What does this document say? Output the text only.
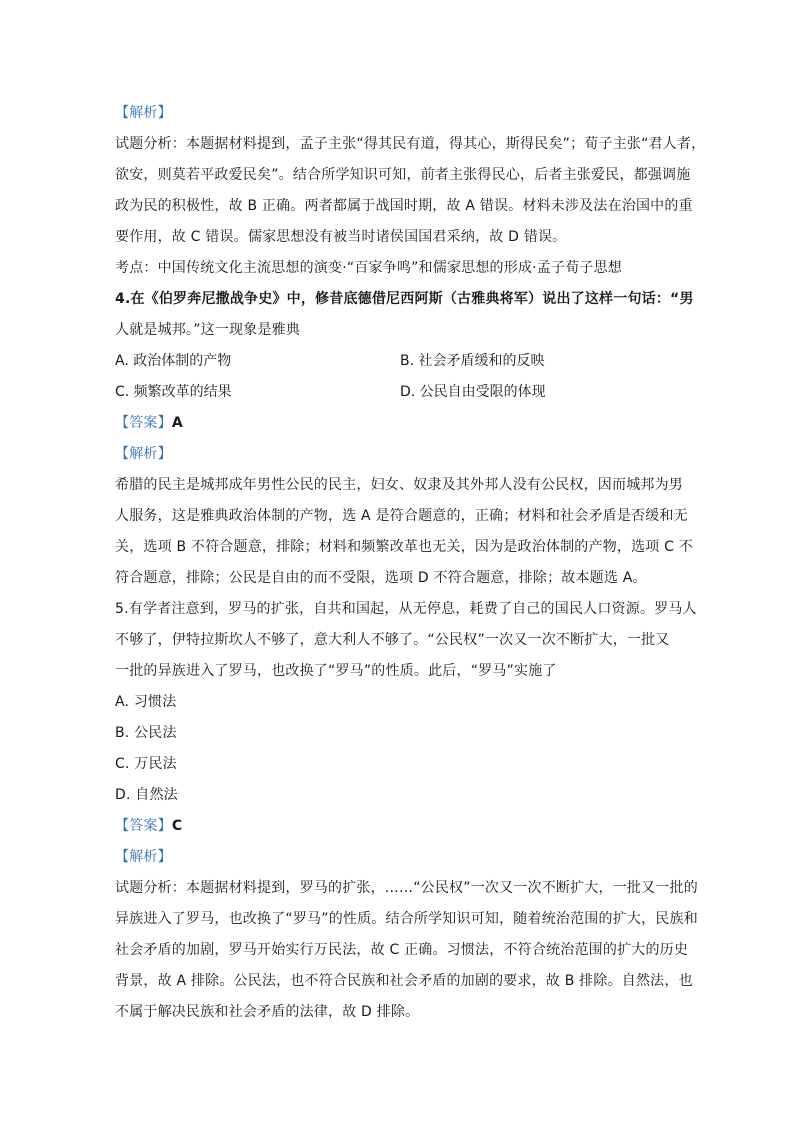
【解析】
试题分析：本题据材料提到，孟子主张“得其民有道，得其心，斯得民矣”；荀子主张“君人者，
欲安，则莫若平政爱民矣”。结合所学知识可知，前者主张得民心，后者主张爱民，都强调施
政为民的积极性，故 B 正确。两者都属于战国时期，故 A 错误。材料未涉及法在治国中的重
要作用，故 C 错误。儒家思想没有被当时诸侯国国君采纳，故 D 错误。
考点：中国传统文化主流思想的演变·“百家争鸣”和儒家思想的形成·孟子荀子思想
4.在《伯罗奔尼撒战争史》中，修昔底德借尼西阿斯（古雅典将军）说出了这样一句话：“男
人就是城邦。”这一现象是雅典
A. 政治体制的产物	B. 社会矛盾缓和的反映
C. 频繁改革的结果	D. 公民自由受限的体现
【答案】A
【解析】
希腊的民主是城邦成年男性公民的民主，妇女、奴隶及其外邦人没有公民权，因而城邦为男
人服务，这是雅典政治体制的产物，选 A 是符合题意的，正确；材料和社会矛盾是否缓和无
关，选项 B 不符合题意，排除；材料和频繁改革也无关，因为是政治体制的产物，选项 C 不
符合题意，排除；公民是自由的而不受限，选项 D 不符合题意，排除；故本题选 A。
5.有学者注意到，罗马的扩张，自共和国起，从无停息，耗费了自己的国民人口资源。罗马人
不够了，伊特拉斯坎人不够了，意大利人不够了。“公民权”一次又一次不断扩大，一批又
一批的异族进入了罗马，也改换了“罗马”的性质。此后，“罗马”实施了
A. 习惯法
B. 公民法
C. 万民法
D. 自然法
【答案】C
【解析】
试题分析：本题据材料提到，罗马的扩张，……“公民权”一次又一次不断扩大，一批又一批的
异族进入了罗马，也改换了“罗马”的性质。结合所学知识可知，随着统治范围的扩大，民族和
社会矛盾的加剧，罗马开始实行万民法，故 C 正确。习惯法，不符合统治范围的扩大的历史
背景，故 A 排除。公民法，也不符合民族和社会矛盾的加剧的要求，故 B 排除。自然法，也
不属于解决民族和社会矛盾的法律，故 D 排除。
